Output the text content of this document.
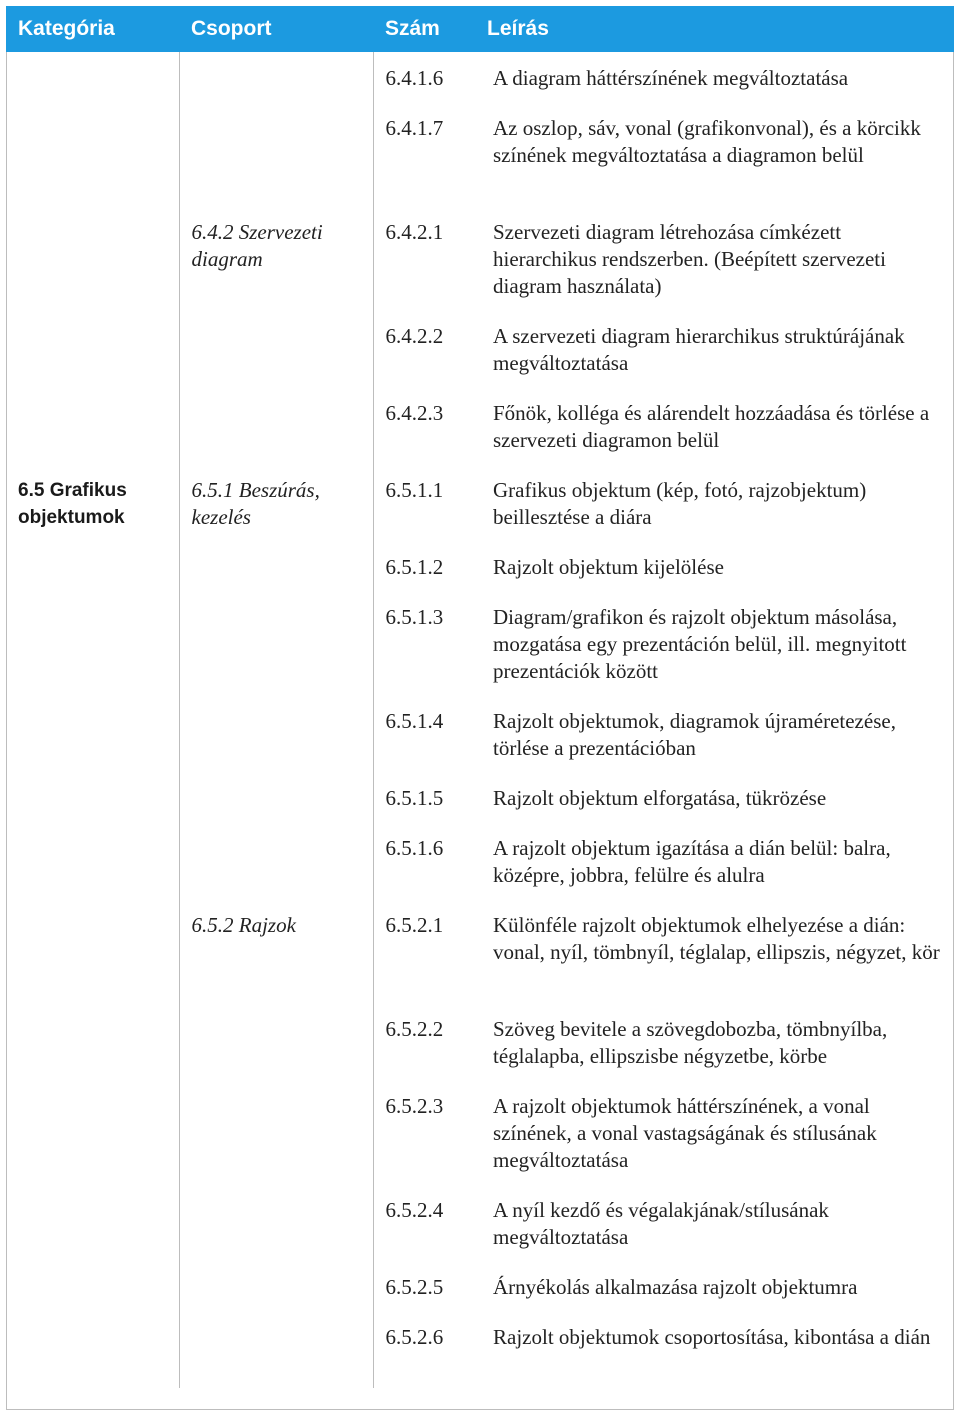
Kategória	Csoport	Szám	Leírás
		6.4.1.6	A diagram háttérszínének megváltoztatása
		6.4.1.7	Az oszlop, sáv, vonal (grafikonvonal), és a körcikk színének megváltoztatása a diagramon belül

	6.4.2 Szervezeti diagram	6.4.2.1	Szervezeti diagram létrehozása címkézett hierarchikus rendszerben. (Beépített szervezeti diagram használata)
		6.4.2.2	A szervezeti diagram hierarchikus struktúrájának megváltoztatása
		6.4.2.3	Főnök, kolléga és alárendelt hozzáadása és törlése a szervezeti diagramon belül

6.5 Grafikus objektumok	6.5.1 Beszúrás, kezelés	6.5.1.1	Grafikus objektum (kép, fotó, rajzobjektum) beillesztése a diára
		6.5.1.2	Rajzolt objektum kijelölése
		6.5.1.3	Diagram/grafikon és rajzolt objektum másolása, mozgatása egy prezentáción belül, ill. megnyitott prezentációk között
		6.5.1.4	Rajzolt objektumok, diagramok újraméretezése, törlése a prezentációban
		6.5.1.5	Rajzolt objektum elforgatása, tükrözése
		6.5.1.6	A rajzolt objektum igazítása a dián belül: balra, középre, jobbra, felülre és alulra

	6.5.2 Rajzok	6.5.2.1	Különféle rajzolt objektumok elhelyezése a dián: vonal, nyíl, tömbnyíl, téglalap, ellipszis, négyzet, kör
		6.5.2.2	Szöveg bevitele a szövegdobozba, tömbnyílba, téglalapba, ellipszisbe négyzetbe, körbe
		6.5.2.3	A rajzolt objektumok háttérszínének, a vonal színének, a vonal vastagságának és stílusának megváltoztatása
		6.5.2.4	A nyíl kezdő és végalakjának/stílusának megváltoztatása
		6.5.2.5	Árnyékolás alkalmazása rajzolt objektumra
		6.5.2.6	Rajzolt objektumok csoportosítása, kibontása a dián
